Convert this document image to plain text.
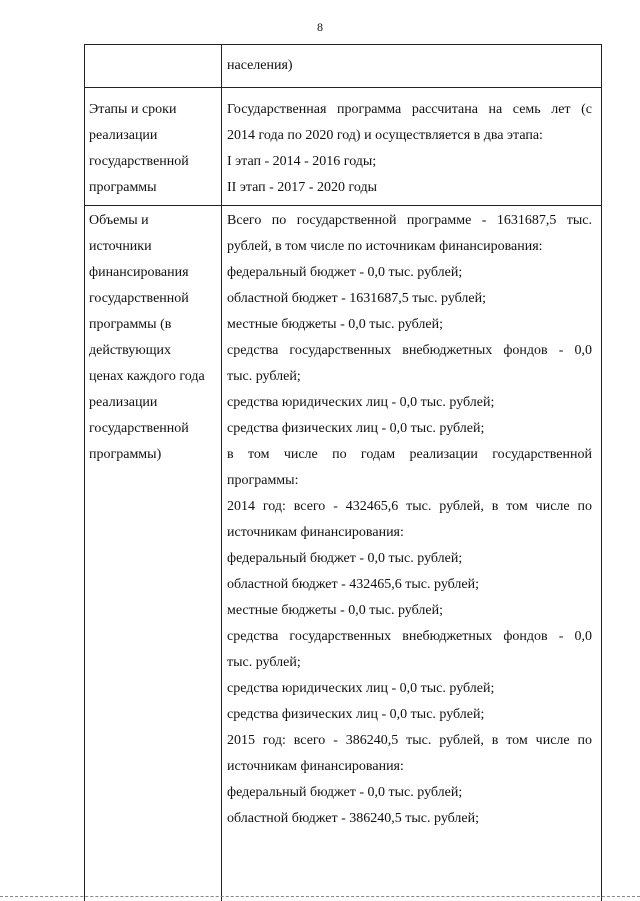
8
населения)
Этапы и сроки
реализации
государственной
программы
Государственная программа рассчитана на семь лет (с
2014 года по 2020 год) и осуществляется в два этапа:
I этап - 2014 - 2016 годы;
II этап - 2017 - 2020 годы
Объемы и
источники
финансирования
государственной
программы (в
действующих
ценах каждого года
реализации
государственной
программы)
Всего по государственной программе - 1631687,5 тыс.
рублей, в том числе по источникам финансирования:
федеральный бюджет - 0,0 тыс. рублей;
областной бюджет - 1631687,5 тыс. рублей;
местные бюджеты - 0,0 тыс. рублей;
средства государственных внебюджетных фондов - 0,0
тыс. рублей;
средства юридических лиц - 0,0 тыс. рублей;
средства физических лиц - 0,0 тыс. рублей;
в том числе по годам реализации государственной
программы:
2014 год: всего - 432465,6 тыс. рублей, в том числе по
источникам финансирования:
федеральный бюджет - 0,0 тыс. рублей;
областной бюджет - 432465,6 тыс. рублей;
местные бюджеты - 0,0 тыс. рублей;
средства государственных внебюджетных фондов - 0,0
тыс. рублей;
средства юридических лиц - 0,0 тыс. рублей;
средства физических лиц - 0,0 тыс. рублей;
2015 год: всего - 386240,5 тыс. рублей, в том числе по
источникам финансирования:
федеральный бюджет - 0,0 тыс. рублей;
областной бюджет - 386240,5 тыс. рублей;
